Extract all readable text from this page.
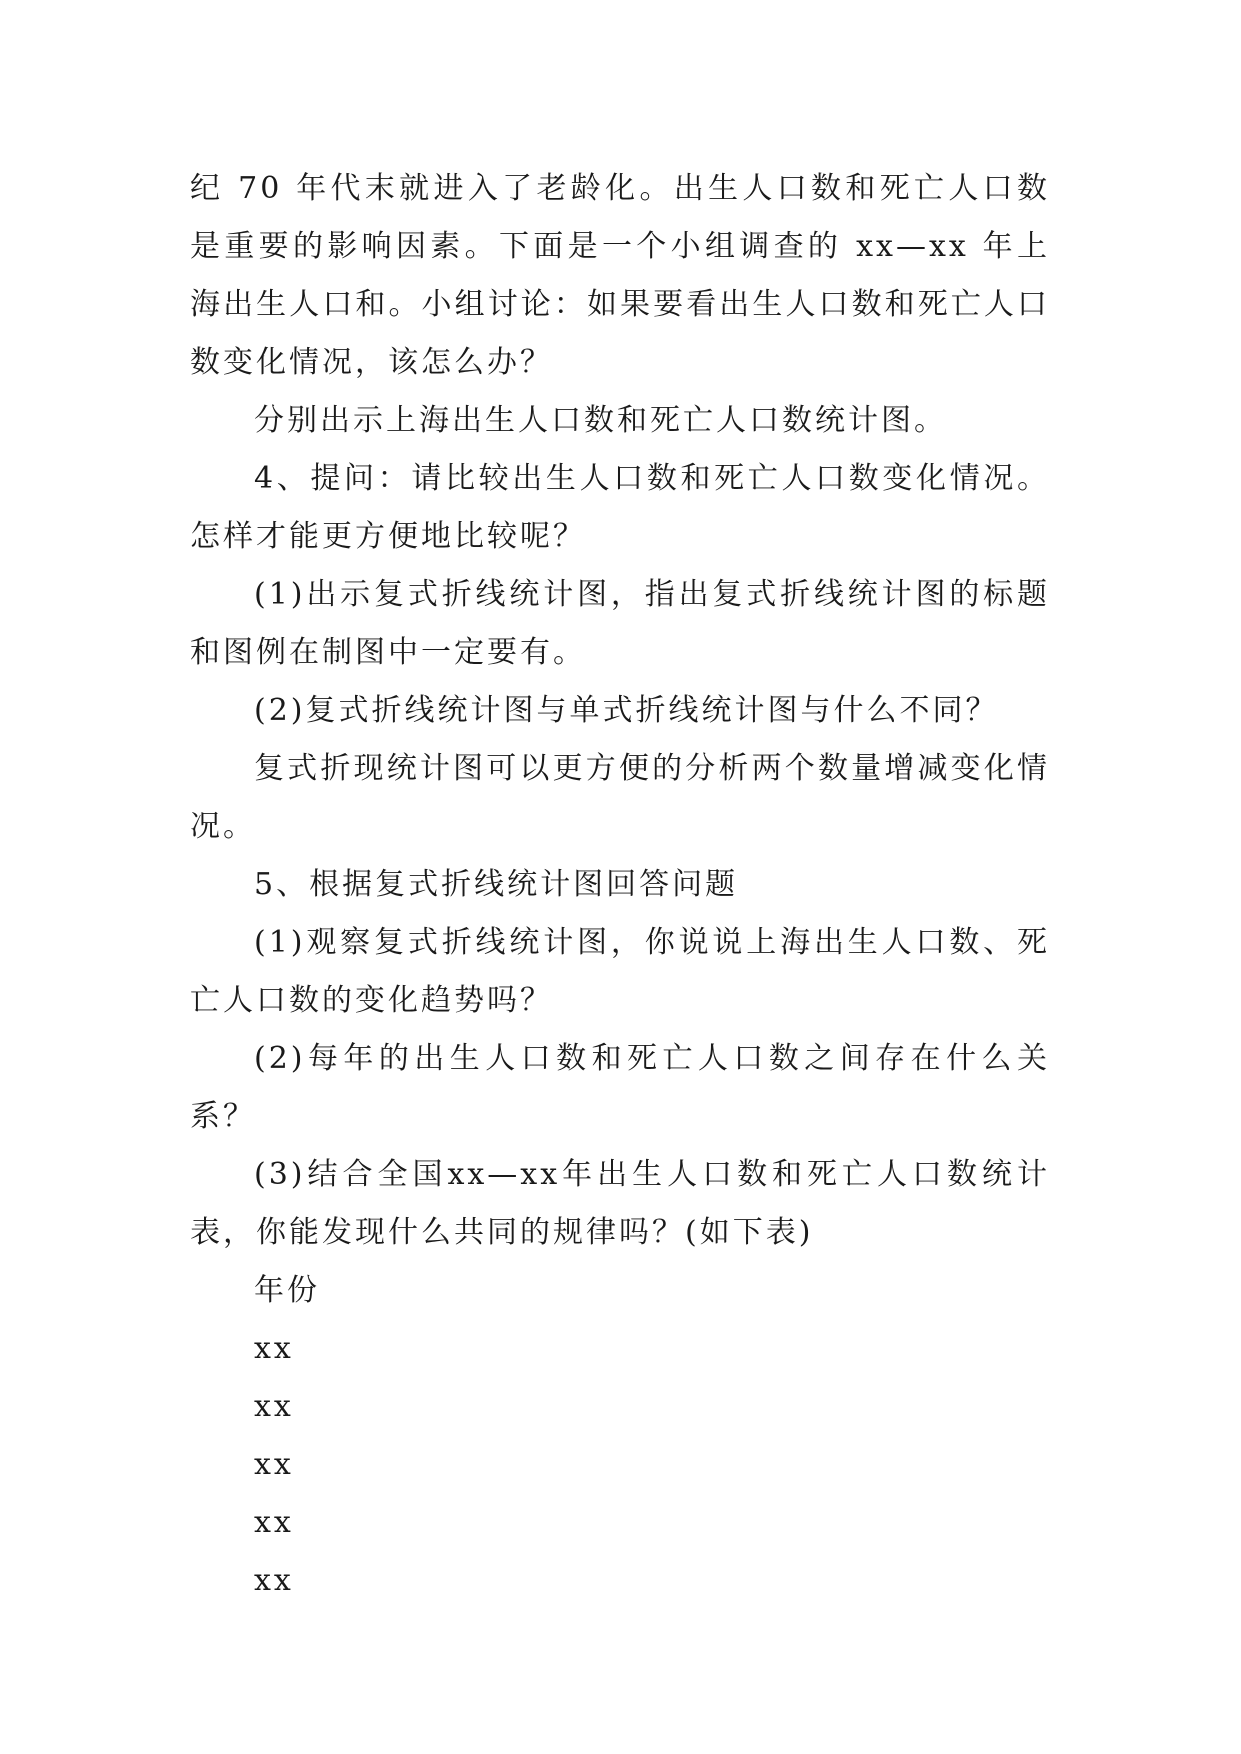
纪 70 年代末就进入了老龄化。出生人口数和死亡人口数是重要的影响因素。下面是一个小组调查的 xx—xx 年上海出生人口和。小组讨论：如果要看出生人口数和死亡人口数变化情况，该怎么办？

分别出示上海出生人口数和死亡人口数统计图。

4、提问：请比较出生人口数和死亡人口数变化情况。怎样才能更方便地比较呢？

(1)出示复式折线统计图，指出复式折线统计图的标题和图例在制图中一定要有。

(2)复式折线统计图与单式折线统计图与什么不同？

复式折现统计图可以更方便的分析两个数量增减变化情况。

5、根据复式折线统计图回答问题

(1)观察复式折线统计图，你说说上海出生人口数、死亡人口数的变化趋势吗？

(2)每年的出生人口数和死亡人口数之间存在什么关系？

(3)结合全国xx—xx年出生人口数和死亡人口数统计表，你能发现什么共同的规律吗？(如下表)

年份

xx

xx

xx

xx

xx
